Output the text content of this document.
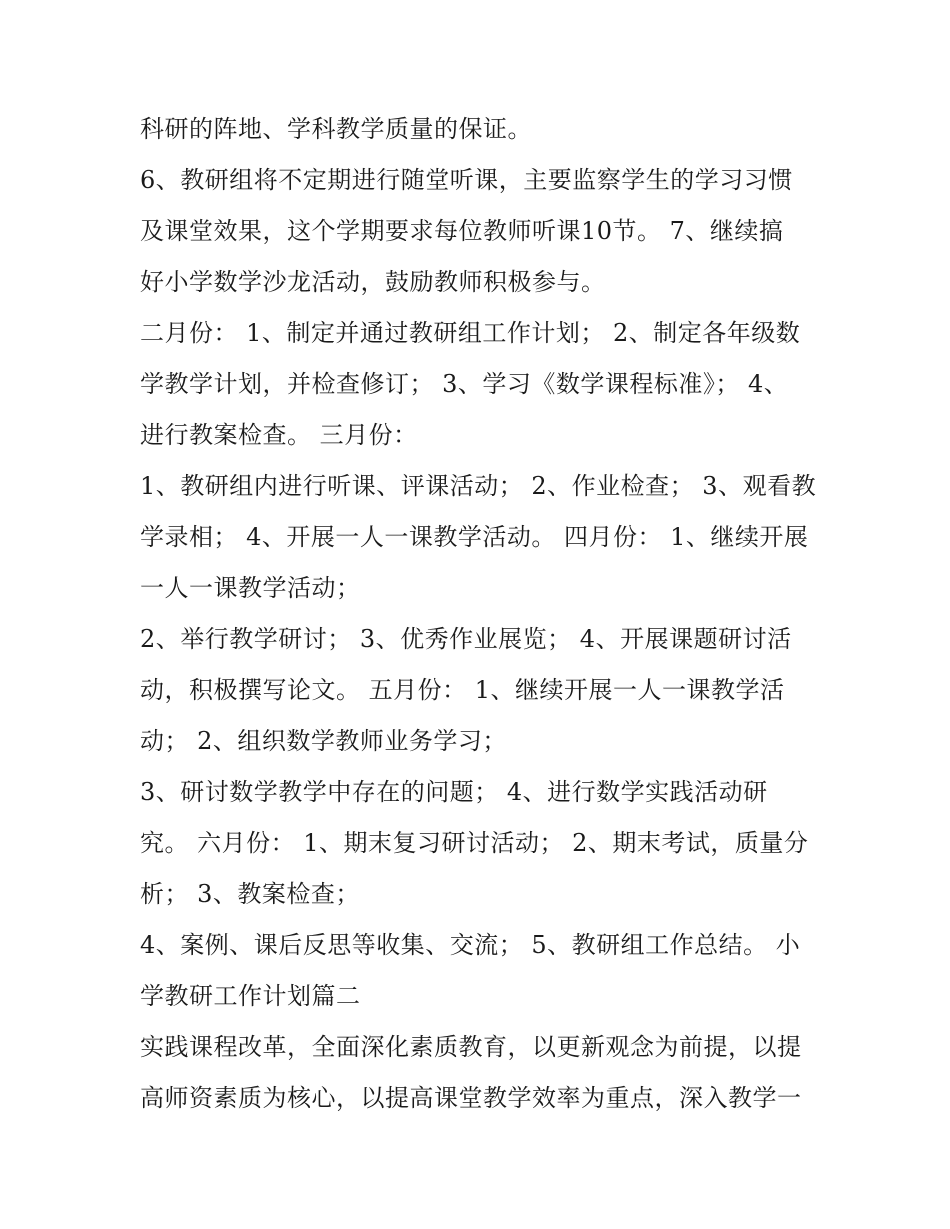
科研的阵地、学科教学质量的保证。
6、教研组将不定期进行随堂听课，主要监察学生的学习习惯
及课堂效果，这个学期要求每位教师听课10节。 7、继续搞
好小学数学沙龙活动，鼓励教师积极参与。
二月份： 1、制定并通过教研组工作计划； 2、制定各年级数
学教学计划，并检查修订； 3、学习《数学课程标准》； 4、
进行教案检查。 三月份：
1、教研组内进行听课、评课活动； 2、作业检查； 3、观看教
学录相； 4、开展一人一课教学活动。 四月份： 1、继续开展
一人一课教学活动；
2、举行教学研讨； 3、优秀作业展览； 4、开展课题研讨活
动，积极撰写论文。 五月份： 1、继续开展一人一课教学活
动； 2、组织数学教师业务学习；
3、研讨数学教学中存在的问题； 4、进行数学实践活动研
究。 六月份： 1、期末复习研讨活动； 2、期末考试，质量分
析； 3、教案检查；
4、案例、课后反思等收集、交流； 5、教研组工作总结。 小
学教研工作计划篇二
实践课程改革，全面深化素质教育，以更新观念为前提，以提
高师资素质为核心，以提高课堂教学效率为重点，深入教学一
